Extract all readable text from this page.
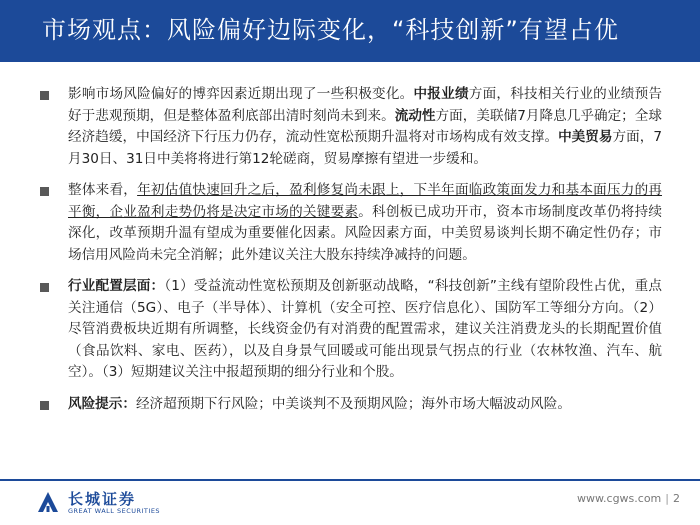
市场观点：风险偏好边际变化，“科技创新”有望占优
影响市场风险偏好的博弈因素近期出现了一些积极变化。中报业绩方面，科技相关行业的业绩预告好于悲观预期，但是整体盈利底部出清时刻尚未到来。流动性方面，美联储7月降息几乎确定；全球经济趋缓，中国经济下行压力仍存，流动性宽松预期升温将对市场构成有效支撑。中美贸易方面，7月30日、31日中美将将进行第12轮磋商，贸易摩擦有望进一步缓和。
整体来看，年初估值快速回升之后，盈利修复尚未跟上，下半年面临政策面发力和基本面压力的再平衡，企业盈利走势仍将是决定市场的关键要素。科创板已成功开市，资本市场制度改革仍将持续深化，改革预期升温有望成为重要催化因素。风险因素方面，中美贸易谈判长期不确定性仍存；市场信用风险尚未完全消解；此外建议关注大股东持续净减持的问题。
行业配置层面：（1）受益流动性宽松预期及创新驱动战略，“科技创新”主线有望阶段性占优，重点关注通信（5G）、电子（半导体）、计算机（安全可控、医疗信息化）、国防军工等细分方向。（2）尽管消费板块近期有所调整，长线资金仍有对消费的配置需求，建议关注消费龙头的长期配置价值（食品饮料、家电、医药），以及自身景气回暖或可能出现景气拐点的行业（农林牧渔、汽车、航空）。（3）短期建议关注中报超预期的细分行业和个股。
风险提示：经济超预期下行风险；中美谈判不及预期风险；海外市场大幅波动风险。
长城证券
GREAT WALL SECURITIES
www.cgws.com | 2
